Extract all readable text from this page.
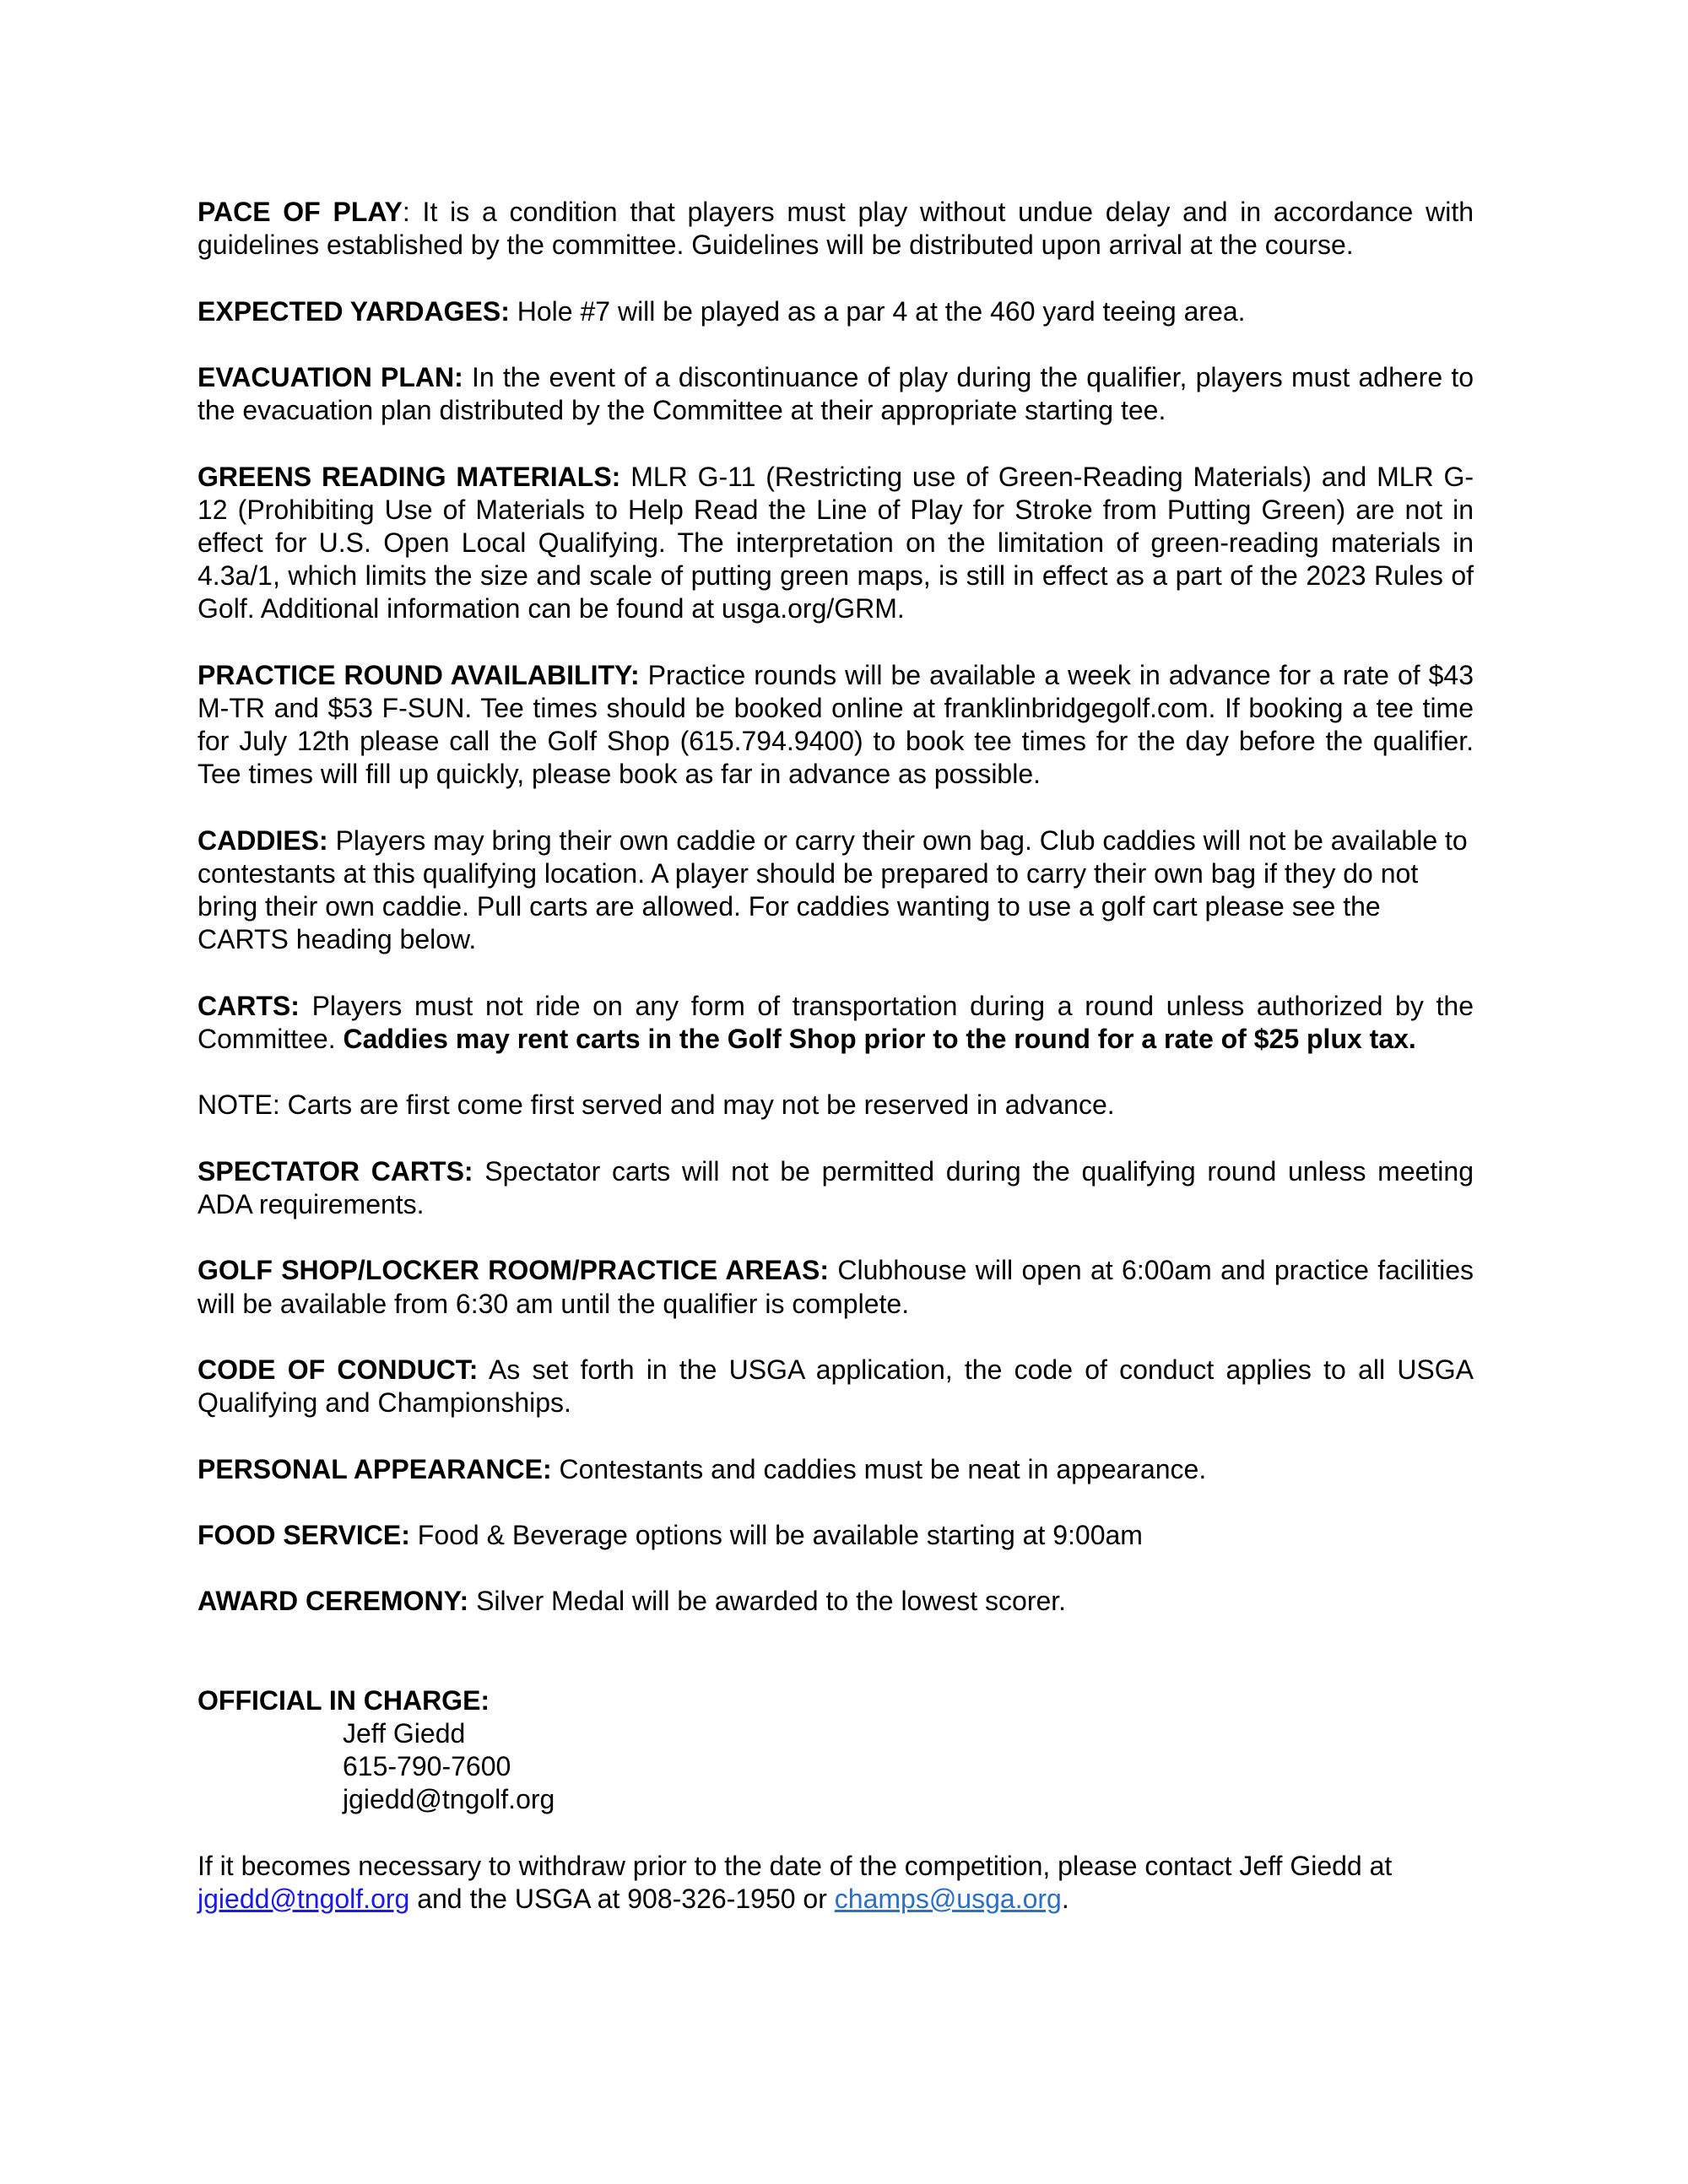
PACE OF PLAY: It is a condition that players must play without undue delay and in accordance with guidelines established by the committee. Guidelines will be distributed upon arrival at the course.

EXPECTED YARDAGES: Hole #7 will be played as a par 4 at the 460 yard teeing area.

EVACUATION PLAN: In the event of a discontinuance of play during the qualifier, players must adhere to the evacuation plan distributed by the Committee at their appropriate starting tee.

GREENS READING MATERIALS: MLR G-11 (Restricting use of Green-Reading Materials) and MLR G-12 (Prohibiting Use of Materials to Help Read the Line of Play for Stroke from Putting Green) are not in effect for U.S. Open Local Qualifying. The interpretation on the limitation of green-reading materials in 4.3a/1, which limits the size and scale of putting green maps, is still in effect as a part of the 2023 Rules of Golf. Additional information can be found at usga.org/GRM.

PRACTICE ROUND AVAILABILITY: Practice rounds will be available a week in advance for a rate of $43 M-TR and $53 F-SUN. Tee times should be booked online at franklinbridgegolf.com. If booking a tee time for July 12th please call the Golf Shop (615.794.9400) to book tee times for the day before the qualifier. Tee times will fill up quickly, please book as far in advance as possible.

CADDIES: Players may bring their own caddie or carry their own bag. Club caddies will not be available to contestants at this qualifying location. A player should be prepared to carry their own bag if they do not bring their own caddie. Pull carts are allowed. For caddies wanting to use a golf cart please see the CARTS heading below.

CARTS: Players must not ride on any form of transportation during a round unless authorized by the Committee. Caddies may rent carts in the Golf Shop prior to the round for a rate of $25 plux tax.

NOTE: Carts are first come first served and may not be reserved in advance.

SPECTATOR CARTS: Spectator carts will not be permitted during the qualifying round unless meeting ADA requirements.

GOLF SHOP/LOCKER ROOM/PRACTICE AREAS: Clubhouse will open at 6:00am and practice facilities will be available from 6:30 am until the qualifier is complete.

CODE OF CONDUCT: As set forth in the USGA application, the code of conduct applies to all USGA Qualifying and Championships.

PERSONAL APPEARANCE: Contestants and caddies must be neat in appearance.

FOOD SERVICE: Food & Beverage options will be available starting at 9:00am

AWARD CEREMONY: Silver Medal will be awarded to the lowest scorer.

OFFICIAL IN CHARGE:
Jeff Giedd
615-790-7600
jgiedd@tngolf.org

If it becomes necessary to withdraw prior to the date of the competition, please contact Jeff Giedd at jgiedd@tngolf.org and the USGA at 908-326-1950 or champs@usga.org.
